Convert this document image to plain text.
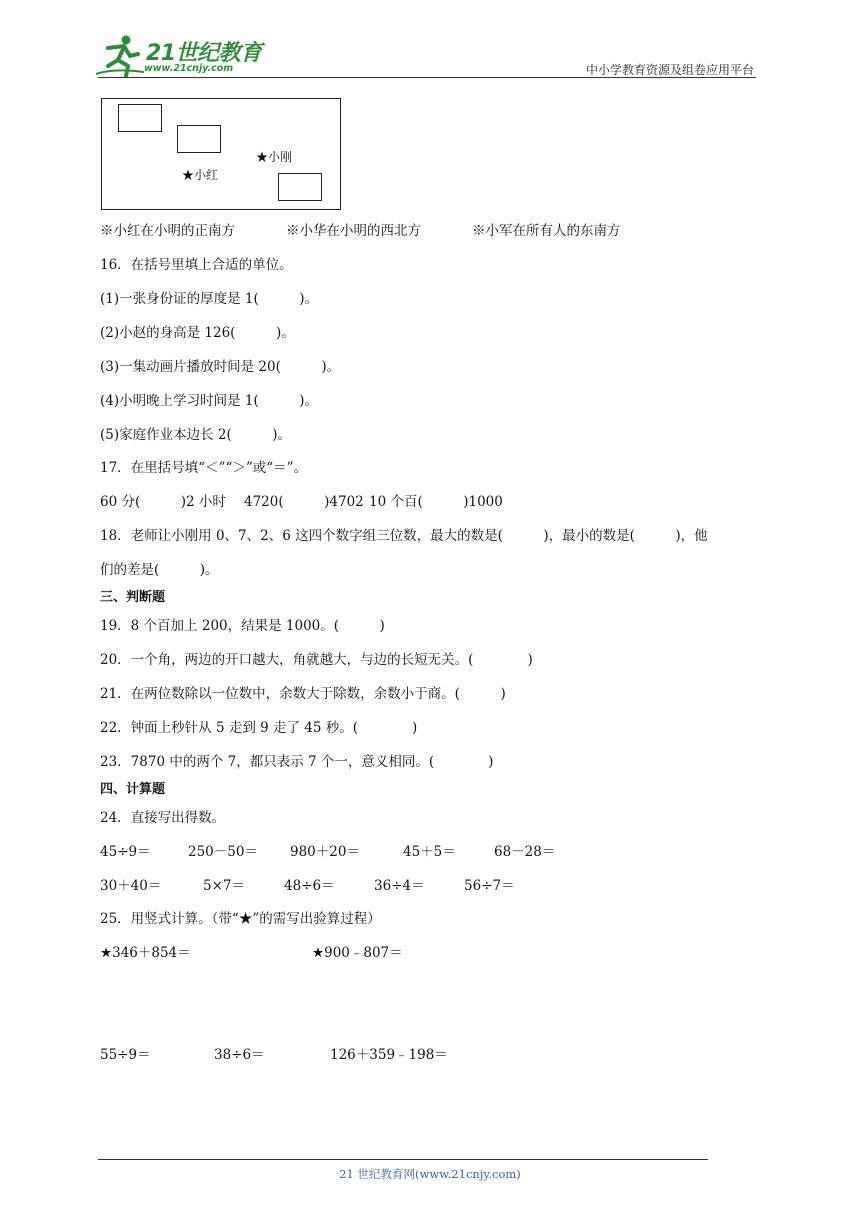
21世纪教育
www.21cnjy.com	中小学教育资源及组卷应用平台
★小红
★小刚
※小红在小明的正南方	※小华在小明的西北方	※小军在所有人的东南方
16．在括号里填上合适的单位。
(1)一张身份证的厚度是 1(　　　)。
(2)小赵的身高是 126(　　　)。
(3)一集动画片播放时间是 20(　　　)。
(4)小明晚上学习时间是 1(　　　)。
(5)家庭作业本边长 2(　　　)。
17．在里括号填“＜”“＞”或“＝”。
60 分(　　　)2 小时 4720(　　　)4702 10 个百(　　　)1000
18．老师让小刚用 0、7、2、6 这四个数字组三位数，最大的数是(　　　)，最小的数是(　　　)，他
们的差是(　　　)。
三、判断题
19．8 个百加上 200，结果是 1000。(　　　)
20．一个角，两边的开口越大，角就越大，与边的长短无关。(　　　　)
21．在两位数除以一位数中，余数大于除数，余数小于商。(　　　)
22．钟面上秒针从 5 走到 9 走了 45 秒。(　　　　)
23．7870 中的两个 7，都只表示 7 个一，意义相同。(　　　　)
四、计算题
24．直接写出得数。
45÷9＝	250－50＝ 980＋20＝	45＋5＝	68－28＝
30＋40＝	5×7＝	48÷6＝	36÷4＝	56÷7＝
25．用竖式计算。（带“★”的需写出验算过程）
★346＋854＝	★900﹣807＝
55÷9＝	38÷6＝	126＋359﹣198＝
21 世纪教育网(www.21cnjy.com)
